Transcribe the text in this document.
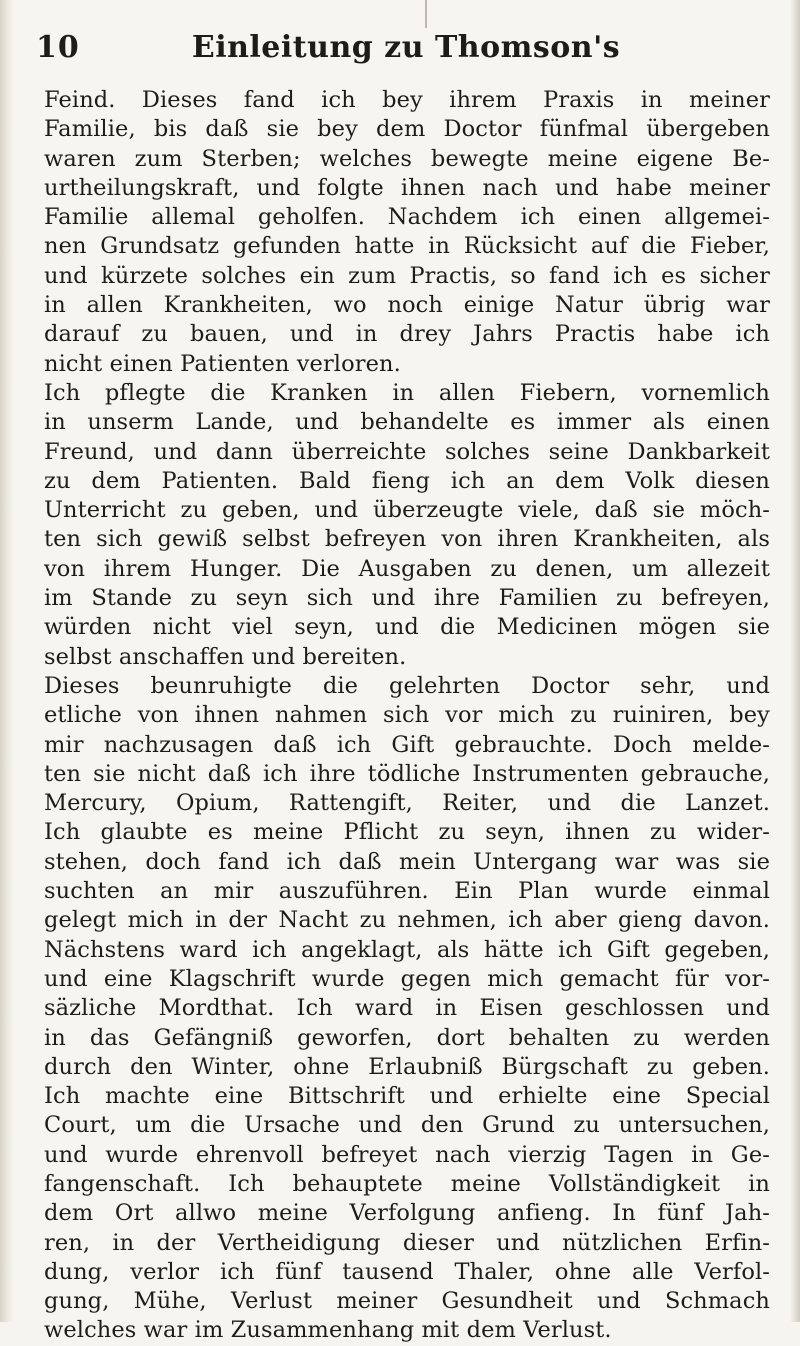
10	Einleitung zu Thomson's
Feind. Dieses fand ich bey ihrem Praxis in meiner
Familie, bis daß sie bey dem Doctor fünfmal übergeben
waren zum Sterben; welches bewegte meine eigene Be-
urtheilungskraft, und folgte ihnen nach und habe meiner
Familie allemal geholfen. Nachdem ich einen allgemei-
nen Grundsatz gefunden hatte in Rücksicht auf die Fieber,
und kürzete solches ein zum Practis, so fand ich es sicher
in allen Krankheiten, wo noch einige Natur übrig war
darauf zu bauen, und in drey Jahrs Practis habe ich
nicht einen Patienten verloren.
Ich pflegte die Kranken in allen Fiebern, vornemlich
in unserm Lande, und behandelte es immer als einen
Freund, und dann überreichte solches seine Dankbarkeit
zu dem Patienten. Bald fieng ich an dem Volk diesen
Unterricht zu geben, und überzeugte viele, daß sie möch-
ten sich gewiß selbst befreyen von ihren Krankheiten, als
von ihrem Hunger. Die Ausgaben zu denen, um allezeit
im Stande zu seyn sich und ihre Familien zu befreyen,
würden nicht viel seyn, und die Medicinen mögen sie
selbst anschaffen und bereiten.
Dieses beunruhigte die gelehrten Doctor sehr, und
etliche von ihnen nahmen sich vor mich zu ruiniren, bey
mir nachzusagen daß ich Gift gebrauchte. Doch melde-
ten sie nicht daß ich ihre tödliche Instrumenten gebrauche,
Mercury, Opium, Rattengift, Reiter, und die Lanzet.
Ich glaubte es meine Pflicht zu seyn, ihnen zu wider-
stehen, doch fand ich daß mein Untergang war was sie
suchten an mir auszuführen. Ein Plan wurde einmal
gelegt mich in der Nacht zu nehmen, ich aber gieng davon.
Nächstens ward ich angeklagt, als hätte ich Gift gegeben,
und eine Klagschrift wurde gegen mich gemacht für vor-
säzliche Mordthat. Ich ward in Eisen geschlossen und
in das Gefängniß geworfen, dort behalten zu werden
durch den Winter, ohne Erlaubniß Bürgschaft zu geben.
Ich machte eine Bittschrift und erhielte eine Special
Court, um die Ursache und den Grund zu untersuchen,
und wurde ehrenvoll befreyet nach vierzig Tagen in Ge-
fangenschaft. Ich behauptete meine Vollständigkeit in
dem Ort allwo meine Verfolgung anfieng. In fünf Jah-
ren, in der Vertheidigung dieser und nützlichen Erfin-
dung, verlor ich fünf tausend Thaler, ohne alle Verfol-
gung, Mühe, Verlust meiner Gesundheit und Schmach
welches war im Zusammenhang mit dem Verlust.
